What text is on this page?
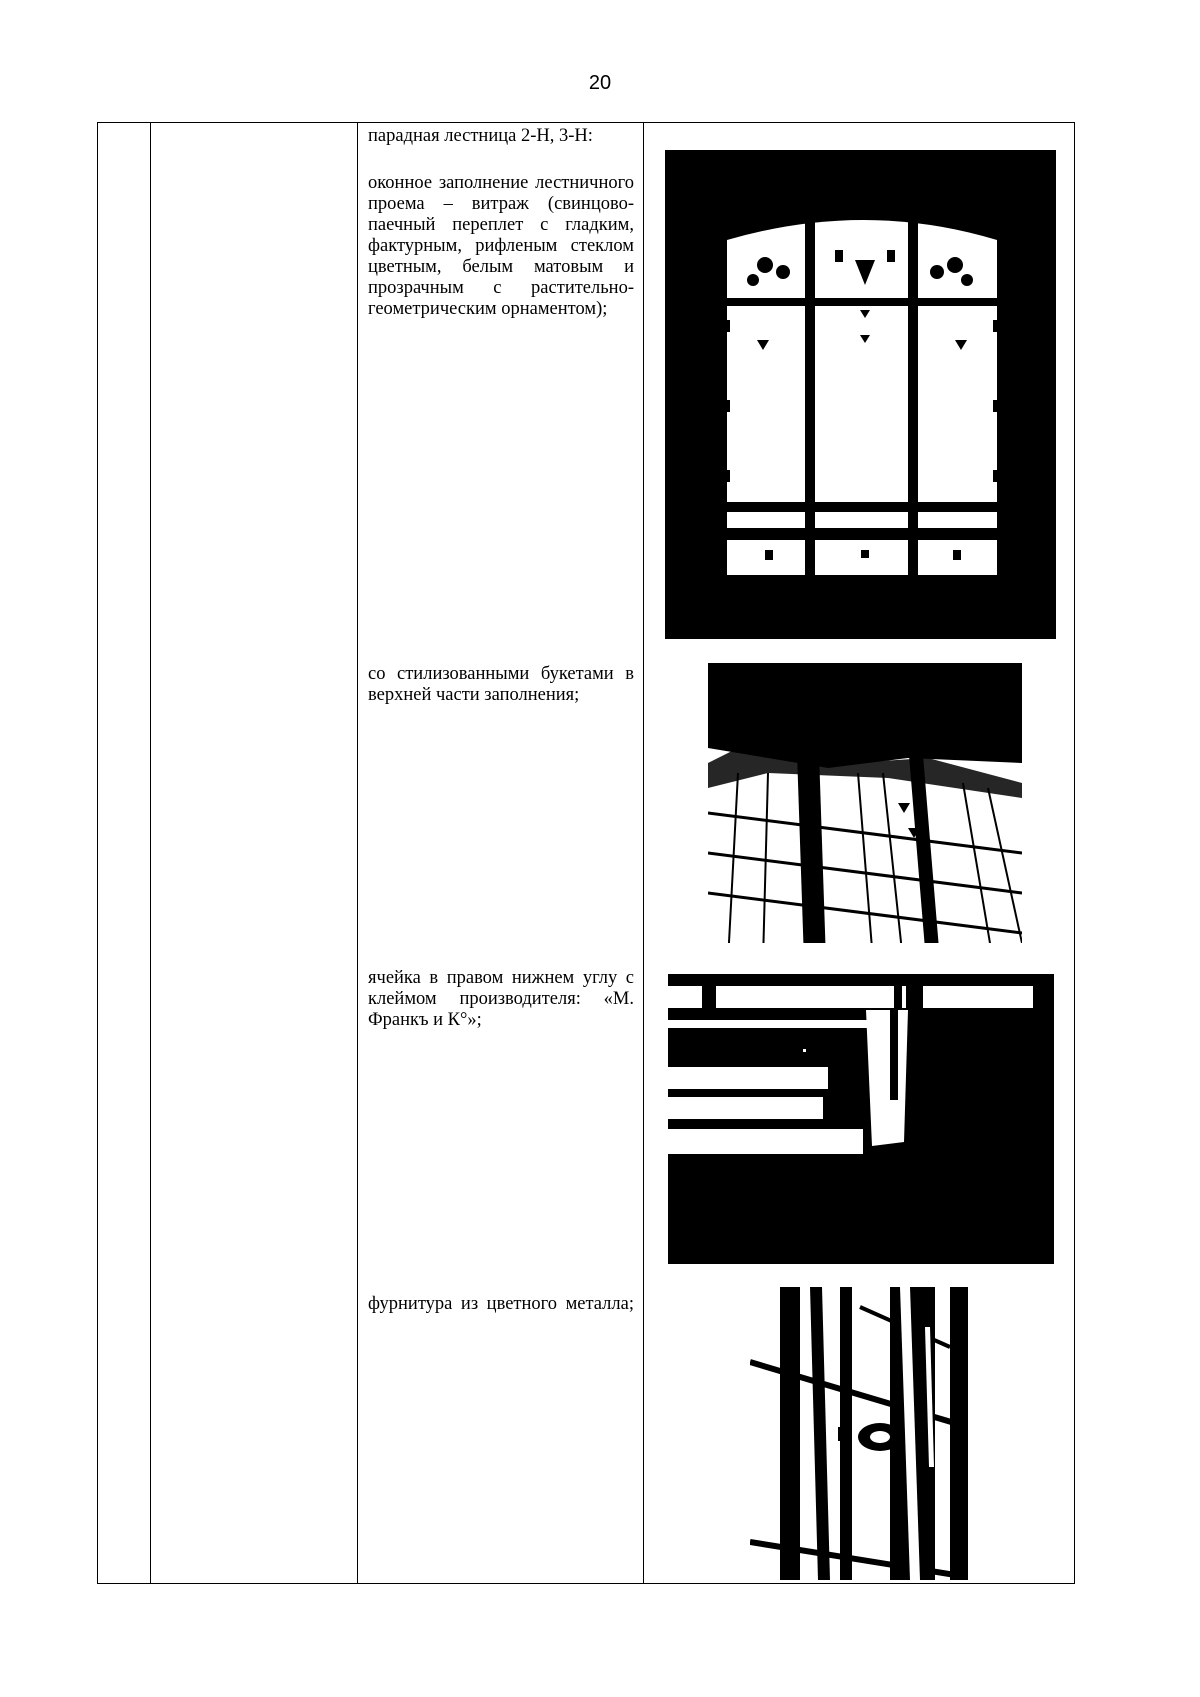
20
парадная лестница 2-Н, 3-Н:
оконное заполнение лестничного проема – витраж (свинцово-паечный переплет с гладким, фактурным, рифленым стеклом цветным, белым матовым и прозрачным с растительно-геометрическим орнаментом);
со стилизованными букетами в верхней части заполнения;
ячейка в правом нижнем углу с клеймом производителя: «М. Франкъ и К°»;
фурнитура из цветного металла;
